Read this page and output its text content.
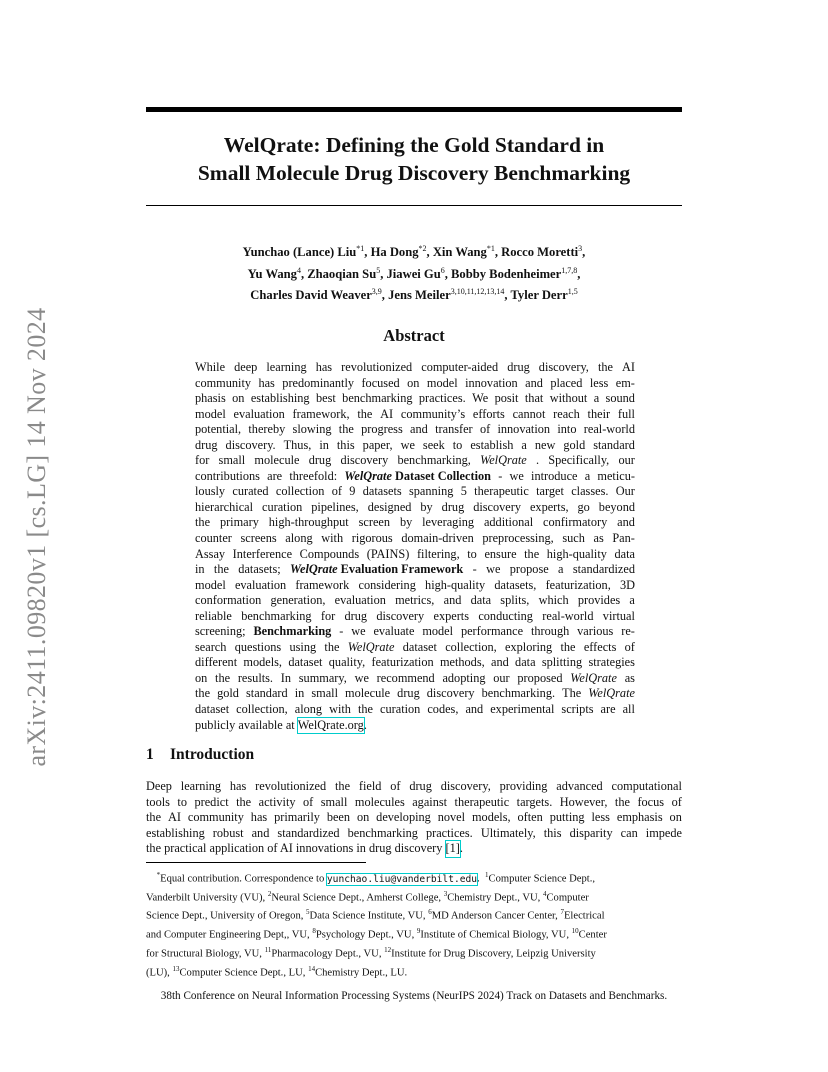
arXiv:2411.09820v1 [cs.LG] 14 Nov 2024
WelQrate: Defining the Gold Standard in
Small Molecule Drug Discovery Benchmarking
Yunchao (Lance) Liu$^{*1}$, Ha Dong$^{*2}$, Xin Wang$^{*1}$, Rocco Moretti$^3$,
Yu Wang$^4$, Zhaoqian Su$^5$, Jiawei Gu$^6$, Bobby Bodenheimer$^{1,7,8}$,
Charles David Weaver$^{3,9}$, Jens Meiler$^{3,10,11,12,13,14}$, Tyler Derr$^{1,5}$
Abstract
While deep learning has revolutionized computer-aided drug discovery, the AI
community has predominantly focused on model innovation and placed less em-
phasis on establishing best benchmarking practices. We posit that without a sound
model evaluation framework, the AI community’s efforts cannot reach their full
potential, thereby slowing the progress and transfer of innovation into real-world
drug discovery. Thus, in this paper, we seek to establish a new gold standard
for small molecule drug discovery benchmarking, WelQrate . Specifically, our
contributions are threefold: WelQrate Dataset Collection - we introduce a meticu-
lously curated collection of 9 datasets spanning 5 therapeutic target classes. Our
hierarchical curation pipelines, designed by drug discovery experts, go beyond
the primary high-throughput screen by leveraging additional confirmatory and
counter screens along with rigorous domain-driven preprocessing, such as Pan-
Assay Interference Compounds (PAINS) filtering, to ensure the high-quality data
in the datasets; WelQrate Evaluation Framework - we propose a standardized
model evaluation framework considering high-quality datasets, featurization, 3D
conformation generation, evaluation metrics, and data splits, which provides a
reliable benchmarking for drug discovery experts conducting real-world virtual
screening; Benchmarking - we evaluate model performance through various re-
search questions using the WelQrate dataset collection, exploring the effects of
different models, dataset quality, featurization methods, and data splitting strategies
on the results. In summary, we recommend adopting our proposed WelQrate as
the gold standard in small molecule drug discovery benchmarking. The WelQrate
dataset collection, along with the curation codes, and experimental scripts are all
publicly available at
WelQrate.org .
1 Introduction
Deep learning has revolutionized the field of drug discovery, providing advanced computational
tools to predict the activity of small molecules against therapeutic targets. However, the focus of
the AI community has primarily been on developing novel models, often putting less emphasis on
establishing robust and standardized benchmarking practices. Ultimately, this disparity can impede
the practical application of AI innovations in drug discovery
[1] .
*Equal contribution. Correspondence to yunchao.liu@vanderbilt.edu.  $^1$Computer Science Dept.,
Vanderbilt University (VU), $^2$Neural Science Dept., Amherst College, $^3$Chemistry Dept., VU, $^4$Computer
Science Dept., University of Oregon, $^5$Data Science Institute, VU, $^6$MD Anderson Cancer Center, $^7$Electrical
and Computer Engineering Dept,, VU, $^8$Psychology Dept., VU, $^9$Institute of Chemical Biology, VU, $^{10}$Center
for Structural Biology, VU, $^{11}$Pharmacology Dept., VU, $^{12}$Institute for Drug Discovery, Leipzig University
(LU), $^{13}$Computer Science Dept., LU, $^{14}$Chemistry Dept., LU.
38th Conference on Neural Information Processing Systems (NeurIPS 2024) Track on Datasets and Benchmarks.
